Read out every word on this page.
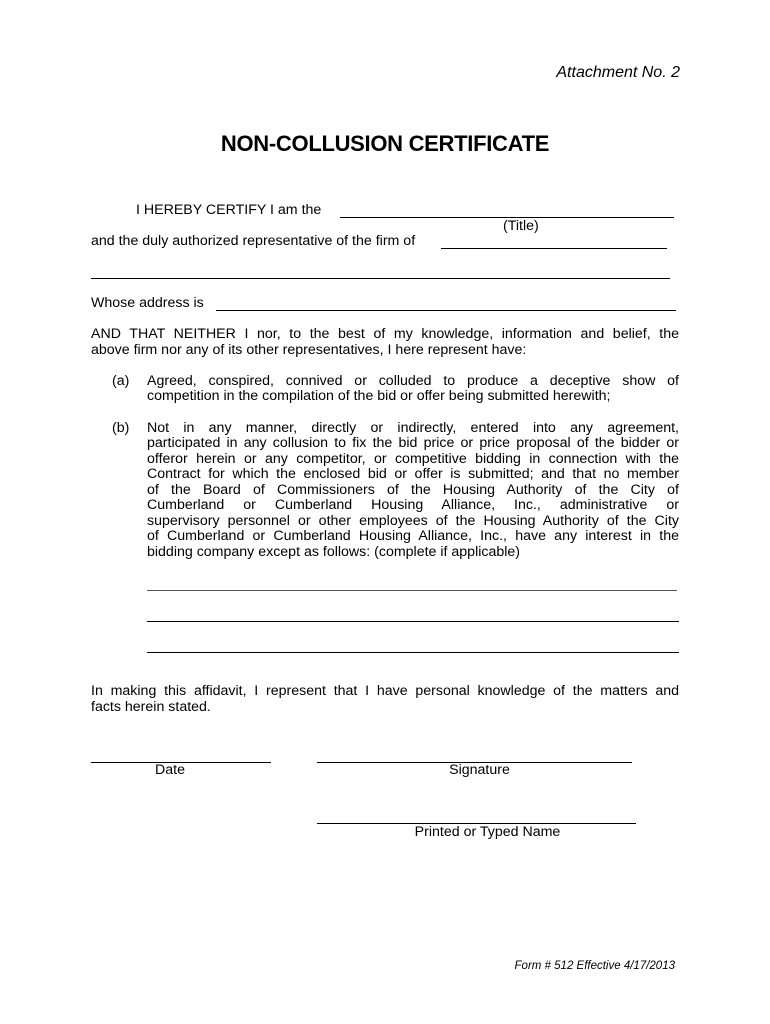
Attachment No. 2
NON-COLLUSION CERTIFICATE
I HEREBY CERTIFY I am the
(Title)
and the duly authorized representative of the firm of
Whose address is
AND THAT NEITHER I nor, to the best of my knowledge, information and belief, the
above firm nor any of its other representatives, I here represent have:
(a) Agreed, conspired, connived or colluded to produce a deceptive show of
competition in the compilation of the bid or offer being submitted herewith;
(b) Not in any manner, directly or indirectly, entered into any agreement,
participated in any collusion to fix the bid price or price proposal of the bidder or
offeror herein or any competitor, or competitive bidding in connection with the
Contract for which the enclosed bid or offer is submitted; and that no member
of the Board of Commissioners of the Housing Authority of the City of
Cumberland or Cumberland Housing Alliance, Inc., administrative or
supervisory personnel or other employees of the Housing Authority of the City
of Cumberland or Cumberland Housing Alliance, Inc., have any interest in the
bidding company except as follows: (complete if applicable)
In making this affidavit, I represent that I have personal knowledge of the matters and
facts herein stated.
Date	Signature
Printed or Typed Name
Form # 512 Effective 4/17/2013
